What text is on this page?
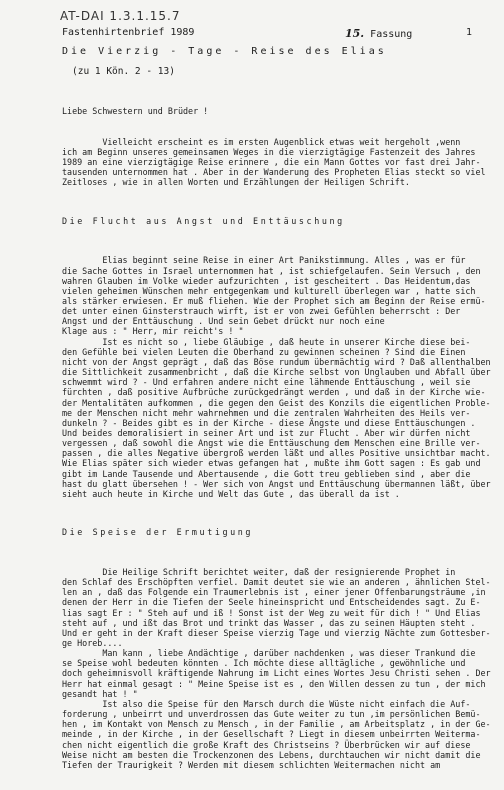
AT-DAI 1.3.1.15.7
Fastenhirtenbrief 1989	15. Fassung	1
Die Vierzig - Tage - Reise des Elias
(zu 1 Kön. 2 - 13)

Liebe Schwestern und Brüder !

Vielleicht erscheint es im ersten Augenblick etwas weit hergeholt ,wenn
ich am Beginn unseres gemeinsamen Weges in die vierzigtägige Fastenzeit des Jahres
1989 an eine vierzigtägige Reise erinnere , die ein Mann Gottes vor fast drei Jahr-
tausenden unternommen hat . Aber in der Wanderung des Propheten Elias steckt so viel
Zeitloses , wie in allen Worten und Erzählungen der Heiligen Schrift.

Die Flucht aus Angst und Enttäuschung

Elias beginnt seine Reise in einer Art Panikstimmung. Alles , was er für
die Sache Gottes in Israel unternommen hat , ist schiefgelaufen. Sein Versuch , den
wahren Glauben im Volke wieder aufzurichten , ist gescheitert . Das Heidentum,das
vielen geheimen Wünschen mehr entgegenkam und kulturell überlegen war , hatte sich
als stärker erwiesen. Er muß fliehen. Wie der Prophet sich am Beginn der Reise ermü-
det unter einen Ginsterstrauch wirft, ist er von zwei Gefühlen beherrscht : Der
Angst und der Enttäuschung . Und sein Gebet drückt nur noch eine
Klage aus : " Herr, mir reicht's ! "
Ist es nicht so , liebe Gläubige , daß heute in unserer Kirche diese bei-
den Gefühle bei vielen Leuten die Oberhand zu gewinnen scheinen ? Sind die Einen
nicht von der Angst geprägt , daß das Böse rundum übermächtig wird ? Daß allenthalben
die Sittlichkeit zusammenbricht , daß die Kirche selbst von Unglauben und Abfall über
schwemmt wird ? - Und erfahren andere nicht eine lähmende Enttäuschung , weil sie
fürchten , daß positive Aufbrüche zurückgedrängt werden , und daß in der Kirche wie-
der Mentalitäten aufkommen , die gegen den Geist des Konzils die eigentlichen Proble-
me der Menschen nicht mehr wahrnehmen und die zentralen Wahrheiten des Heils ver-
dunkeln ? - Beides gibt es in der Kirche - diese Ängste und diese Enttäuschungen .
Und beides demoralisiert in seiner Art und ist zur Flucht . Aber wir dürfen nicht
vergessen , daß sowohl die Angst wie die Enttäuschung dem Menschen eine Brille ver-
passen , die alles Negative übergroß werden läßt und alles Positive unsichtbar macht.
Wie Elias später sich wieder etwas gefangen hat , mußte ihm Gott sagen : Es gab und
gibt im Lande Tausende und Abertausende , die Gott treu geblieben sind , aber die
hast du glatt übersehen ! - Wer sich von Angst und Enttäuschung übermannen läßt, über
sieht auch heute in Kirche und Welt das Gute , das überall da ist .

Die Speise der Ermutigung

Die Heilige Schrift berichtet weiter, daß der resignierende Prophet in
den Schlaf des Erschöpften verfiel. Damit deutet sie wie an anderen , ähnlichen Stel-
len an , daß das Folgende ein Traumerlebnis ist , einer jener Offenbarungsträume ,in
denen der Herr in die Tiefen der Seele hineinspricht und Entscheidendes sagt. Zu E-
lias sagt Er : " Steh auf und iß ! Sonst ist der Weg zu weit für dich ! " Und Elias
steht auf , und ißt das Brot und trinkt das Wasser , das zu seinen Häupten steht .
Und er geht in der Kraft dieser Speise vierzig Tage und vierzig Nächte zum Gottesber-
ge Horeb....
Man kann , liebe Andächtige , darüber nachdenken , was dieser Trankund die
se Speise wohl bedeuten könnten . Ich möchte diese alltägliche , gewöhnliche und
doch geheimnisvoll kräftigende Nahrung im Licht eines Wortes Jesu Christi sehen . Der
Herr hat einmal gesagt : " Meine Speise ist es , den Willen dessen zu tun , der mich
gesandt hat ! "
Ist also die Speise für den Marsch durch die Wüste nicht einfach die Auf-
forderung , unbeirrt und unverdrossen das Gute weiter zu tun ,im persönlichen Bemü-
hen , im Kontakt von Mensch zu Mensch , in der Familie , am Arbeitsplatz , in der Ge-
meinde , in der Kirche , in der Gesellschaft ? Liegt in diesem unbeirrten Weiterma-
chen nicht eigentlich die große Kraft des Christseins ? Überbrücken wir auf diese
Weise nicht am besten die Trockenzonen des Lebens, durchtauchen wir nicht damit die
Tiefen der Traurigkeit ? Werden mit diesem schlichten Weitermachen nicht am
